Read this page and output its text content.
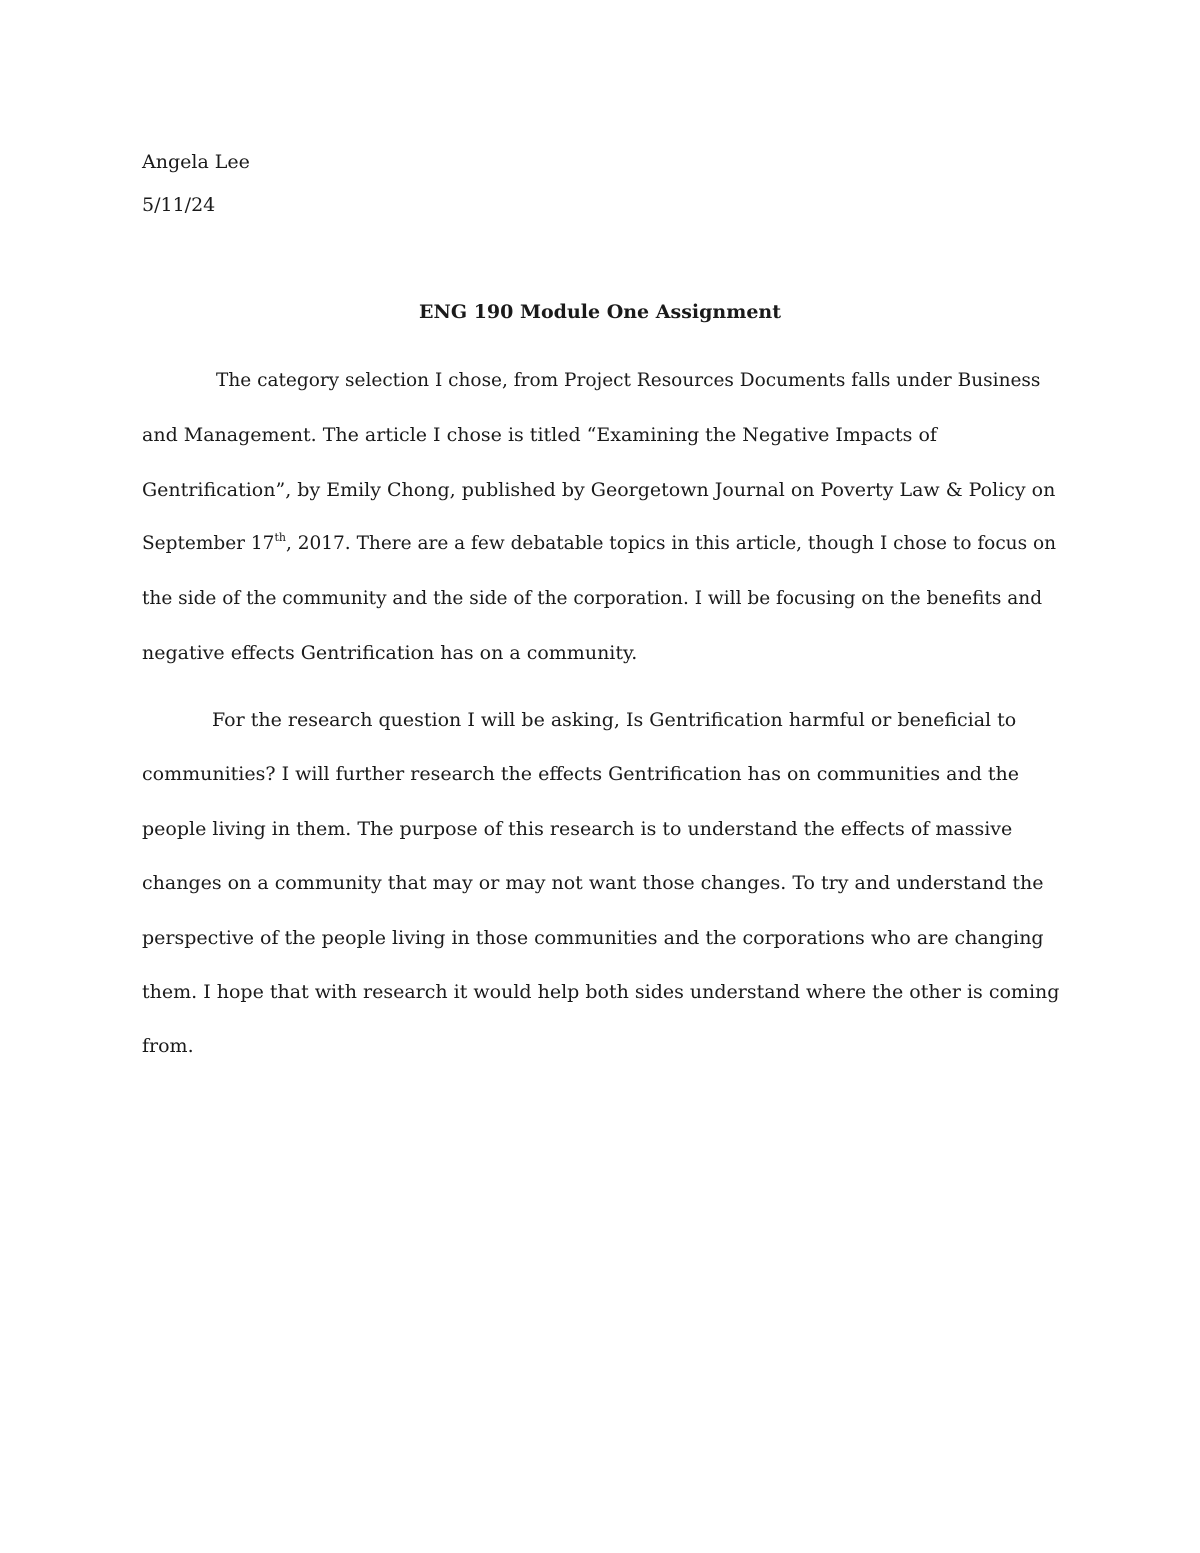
Angela Lee
5/11/24
ENG 190 Module One Assignment
The category selection I chose, from Project Resources Documents falls under Business
and Management. The article I chose is titled “Examining the Negative Impacts of
Gentrification”, by Emily Chong, published by Georgetown Journal on Poverty Law & Policy on
September 17th, 2017. There are a few debatable topics in this article, though I chose to focus on
the side of the community and the side of the corporation. I will be focusing on the benefits and
negative effects Gentrification has on a community.
For the research question I will be asking, Is Gentrification harmful or beneficial to
communities? I will further research the effects Gentrification has on communities and the
people living in them. The purpose of this research is to understand the effects of massive
changes on a community that may or may not want those changes. To try and understand the
perspective of the people living in those communities and the corporations who are changing
them. I hope that with research it would help both sides understand where the other is coming
from.
